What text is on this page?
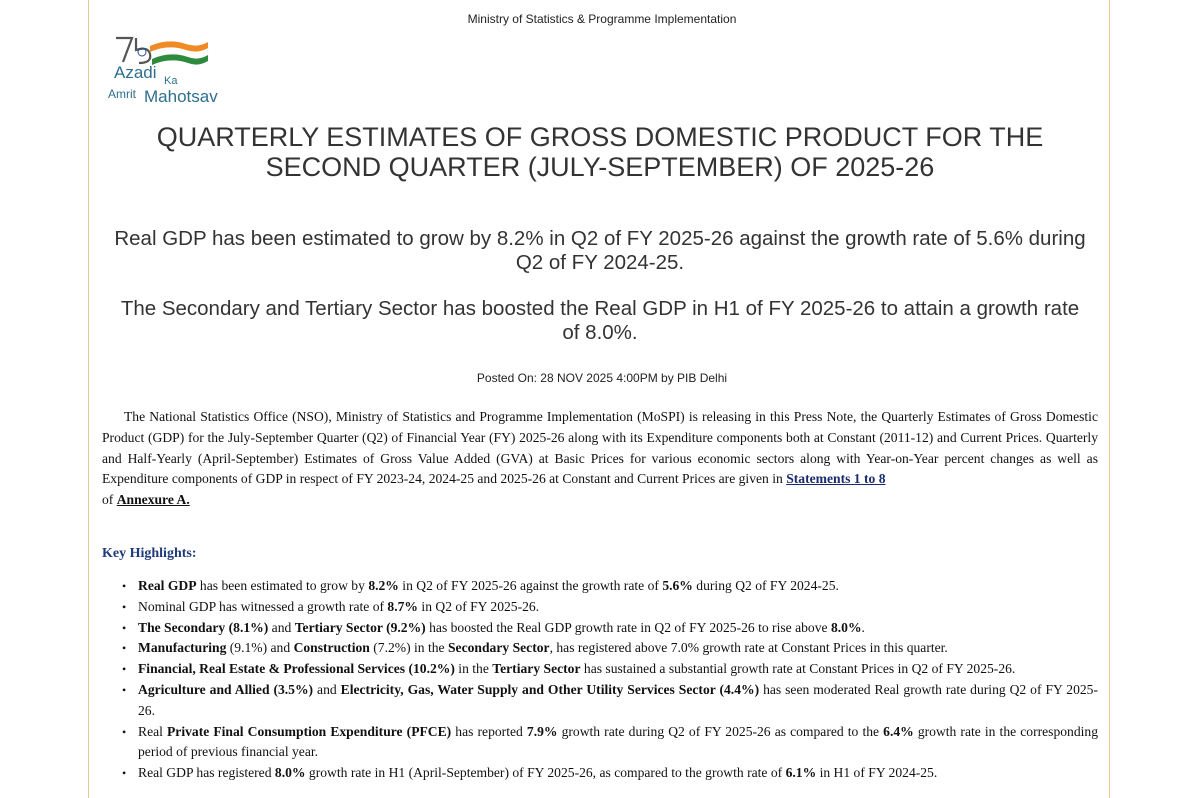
Ministry of Statistics & Programme Implementation
Azadi Ka
Amrit Mahotsav
QUARTERLY ESTIMATES OF GROSS DOMESTIC PRODUCT FOR THE SECOND QUARTER (JULY-SEPTEMBER) OF 2025-26
Real GDP has been estimated to grow by 8.2% in Q2 of FY 2025-26 against the growth rate of 5.6% during Q2 of FY 2024-25.
The Secondary and Tertiary Sector has boosted the Real GDP in H1 of FY 2025-26 to attain a growth rate of 8.0%.
Posted On: 28 NOV 2025 4:00PM by PIB Delhi

The National Statistics Office (NSO), Ministry of Statistics and Programme Implementation (MoSPI) is releasing in this Press Note, the Quarterly Estimates of Gross Domestic Product (GDP) for the July-September Quarter (Q2) of Financial Year (FY) 2025-26 along with its Expenditure components both at Constant (2011-12) and Current Prices. Quarterly and Half-Yearly (April-September) Estimates of Gross Value Added (GVA) at Basic Prices for various economic sectors along with Year-on-Year percent changes as well as Expenditure components of GDP in respect of FY 2023-24, 2024-25 and 2025-26 at Constant and Current Prices are given in Statements 1 to 8
of Annexure A.

Key Highlights:
• Real GDP has been estimated to grow by 8.2% in Q2 of FY 2025-26 against the growth rate of 5.6% during Q2 of FY 2024-25.
• Nominal GDP has witnessed a growth rate of 8.7% in Q2 of FY 2025-26.
• The Secondary (8.1%) and Tertiary Sector (9.2%) has boosted the Real GDP growth rate in Q2 of FY 2025-26 to rise above 8.0%.
• Manufacturing (9.1%) and Construction (7.2%) in the Secondary Sector, has registered above 7.0% growth rate at Constant Prices in this quarter.
• Financial, Real Estate & Professional Services (10.2%) in the Tertiary Sector has sustained a substantial growth rate at Constant Prices in Q2 of FY 2025-26.
• Agriculture and Allied (3.5%) and Electricity, Gas, Water Supply and Other Utility Services Sector (4.4%) has seen moderated Real growth rate during Q2 of FY 2025-26.
• Real Private Final Consumption Expenditure (PFCE) has reported 7.9% growth rate during Q2 of FY 2025-26 as compared to the 6.4% growth rate in the corresponding period of previous financial year.
• Real GDP has registered 8.0% growth rate in H1 (April-September) of FY 2025-26, as compared to the growth rate of 6.1% in H1 of FY 2024-25.
